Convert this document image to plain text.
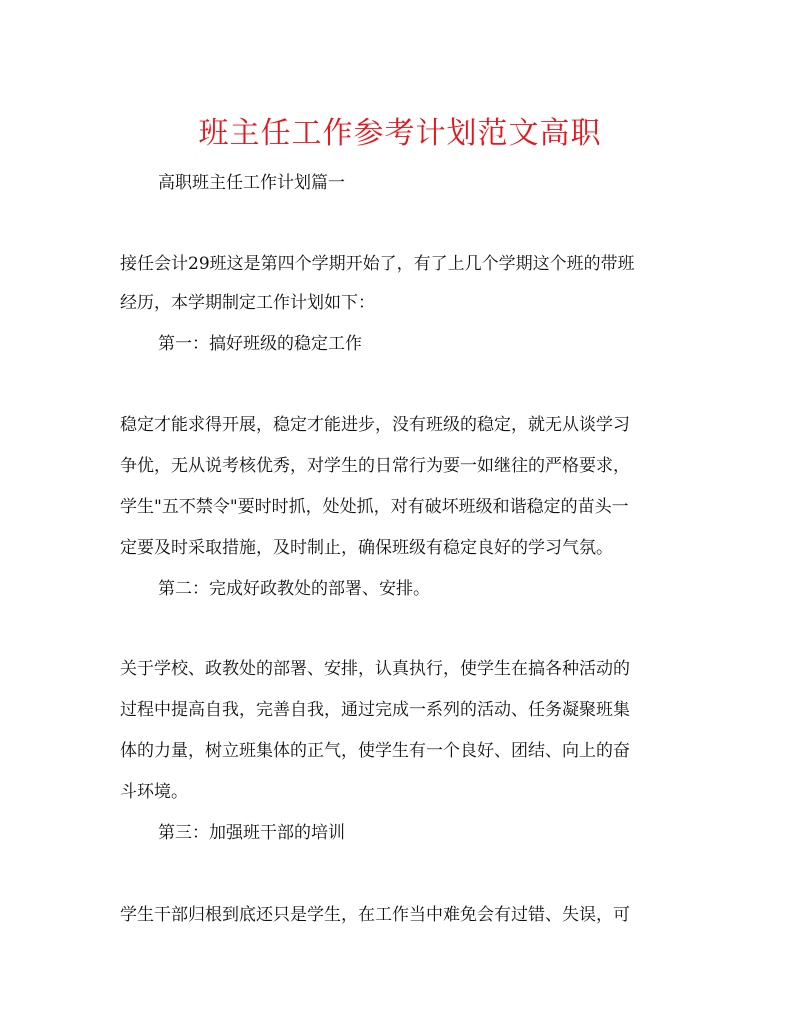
班主任工作参考计划范文高职
高职班主任工作计划篇一
接任会计29班这是第四个学期开始了，有了上几个学期这个班的带班
经历，本学期制定工作计划如下：
第一：搞好班级的稳定工作
稳定才能求得开展，稳定才能进步，没有班级的稳定，就无从谈学习
争优，无从说考核优秀，对学生的日常行为要一如继往的严格要求，
学生"五不禁令"要时时抓，处处抓，对有破坏班级和谐稳定的苗头一
定要及时采取措施，及时制止，确保班级有稳定良好的学习气氛。
第二：完成好政教处的部署、安排。
关于学校、政教处的部署、安排，认真执行，使学生在搞各种活动的
过程中提高自我，完善自我，通过完成一系列的活动、任务凝聚班集
体的力量，树立班集体的正气，使学生有一个良好、团结、向上的奋
斗环境。
第三：加强班干部的培训
学生干部归根到底还只是学生，在工作当中难免会有过错、失误，可
